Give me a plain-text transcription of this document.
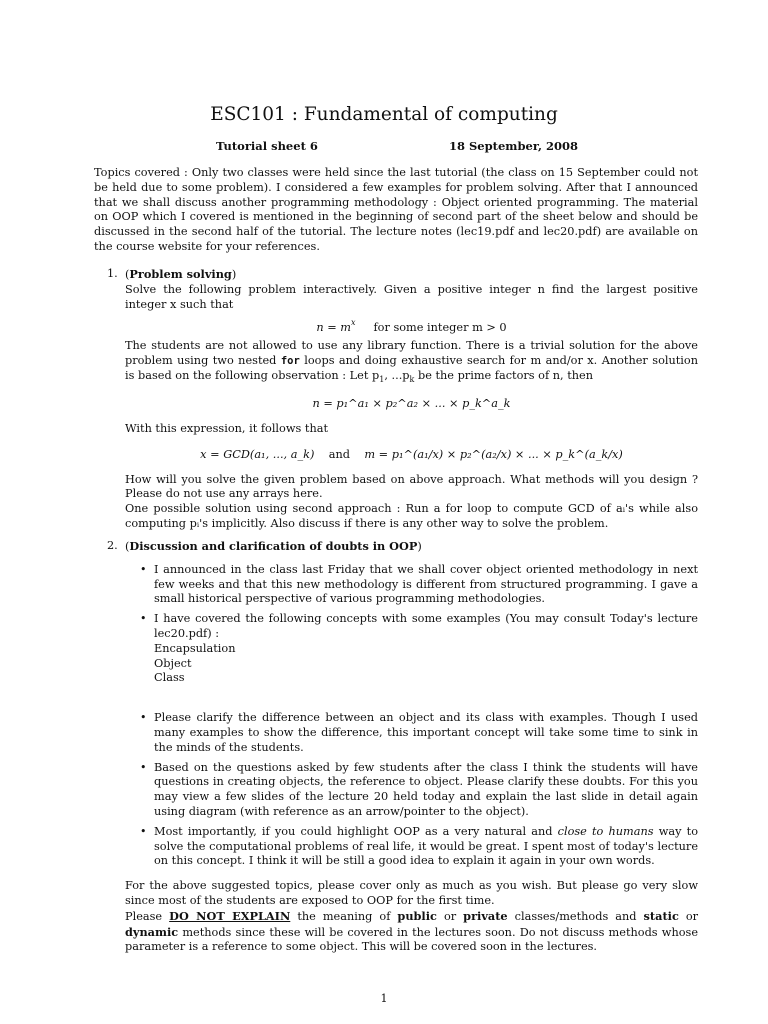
ESC101 : Fundamental of computing
Tutorial sheet 6	18 September, 2008
Topics covered : Only two classes were held since the last tutorial (the class on 15 September could not be held due to some problem). I considered a few examples for problem solving. After that I announced that we shall discuss another programming methodology : Object oriented programming. The material on OOP which I covered is mentioned in the beginning of second part of the sheet below and should be discussed in the second half of the tutorial. The lecture notes (lec19.pdf and lec20.pdf) are available on the course website for your references.
1. (Problem solving)
Solve the following problem interactively. Given a positive integer n find the largest positive integer x such that
$n = m^x$ for some integer m > 0
The students are not allowed to use any library function. There is a trivial solution for the above problem using two nested for loops and doing exhaustive search for m and/or x. Another solution is based on the following observation : Let $p_1$, $...p_k$ be the prime factors of n, then
n = p₁^a₁ × p₂^a₂ × ... × p_k^a_k
With this expression, it follows that
x = GCD(a₁, ..., a_k) and m = p₁^(a₁/x) × p₂^(a₂/x) × ... × p_k^(a_k/x)
How will you solve the given problem based on above approach. What methods will you design ? Please do not use any arrays here.
One possible solution using second approach : Run a for loop to compute GCD of aᵢ's while also computing pᵢ's implicitly. Also discuss if there is any other way to solve the problem.
2. (Discussion and clarification of doubts in OOP)
• I announced in the class last Friday that we shall cover object oriented methodology in next few weeks and that this new methodology is different from structured programming. I gave a small historical perspective of various programming methodologies.
• I have covered the following concepts with some examples (You may consult Today's lecture lec20.pdf) :
Encapsulation
Object
Class
• Please clarify the difference between an object and its class with examples. Though I used many examples to show the difference, this important concept will take some time to sink in the minds of the students.
• Based on the questions asked by few students after the class I think the students will have questions in creating objects, the reference to object. Please clarify these doubts. For this you may view a few slides of the lecture 20 held today and explain the last slide in detail again using diagram (with reference as an arrow/pointer to the object).
• Most importantly, if you could highlight OOP as a very natural and close to humans way to solve the computational problems of real life, it would be great. I spent most of today's lecture on this concept. I think it will be still a good idea to explain it again in your own words.
For the above suggested topics, please cover only as much as you wish. But please go very slow since most of the students are exposed to OOP for the first time.
Please DO NOT EXPLAIN the meaning of public or private classes/methods and static or dynamic methods since these will be covered in the lectures soon. Do not discuss methods whose parameter is a reference to some object. This will be covered soon in the lectures.
1
